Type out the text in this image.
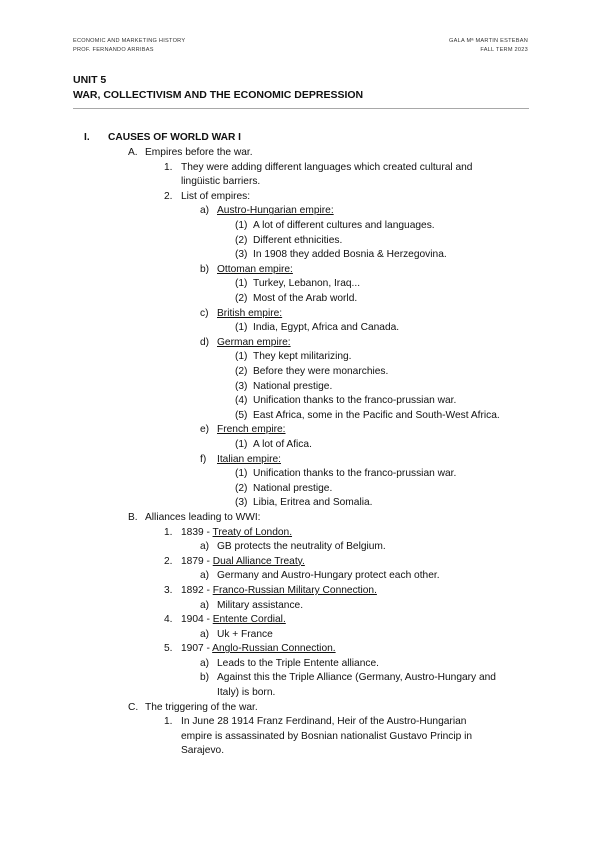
ECONOMIC AND MARKETING HISTORY
PROF. FERNANDO ARRIBAS
GALA Mª MARTIN ESTEBAN
FALL TERM 2023
UNIT 5
WAR, COLLECTIVISM AND THE ECONOMIC DEPRESSION
I. CAUSES OF WORLD WAR I

A. Empires before the war.

1. They were adding different languages which created cultural and

lingüistic barriers.

2. List of empires:

a) Austro-Hungarian empire:

(1) A lot of different cultures and languages.

(2) Different ethnicities.

(3) In 1908 they added Bosnia & Herzegovina.

b) Ottoman empire:

(1) Turkey, Lebanon, Iraq...

(2) Most of the Arab world.

c) British empire:

(1) India, Egypt, Africa and Canada.

d) German empire:

(1) They kept militarizing.

(2) Before they were monarchies.

(3) National prestige.

(4) Unification thanks to the franco-prussian war.

(5) East Africa, some in the Pacific and South-West Africa.

e) French empire:

(1) A lot of Afica.

f) Italian empire:

(1) Unification thanks to the franco-prussian war.

(2) National prestige.

(3) Libia, Eritrea and Somalia.

B. Alliances leading to WWI:

1. 1839 - Treaty of London.

a) GB protects the neutrality of Belgium.

2. 1879 - Dual Alliance Treaty.

a) Germany and Austro-Hungary protect each other.

3. 1892 - Franco-Russian Military Connection.

a) Military assistance.

4. 1904 - Entente Cordial.

a) Uk + France

5. 1907 - Anglo-Russian Connection.

a) Leads to the Triple Entente alliance.

b) Against this the Triple Alliance (Germany, Austro-Hungary and

Italy) is born.

C. The triggering of the war.

1. In June 28 1914 Franz Ferdinand, Heir of the Austro-Hungarian

empire is assassinated by Bosnian nationalist Gustavo Princip in

Sarajevo.
